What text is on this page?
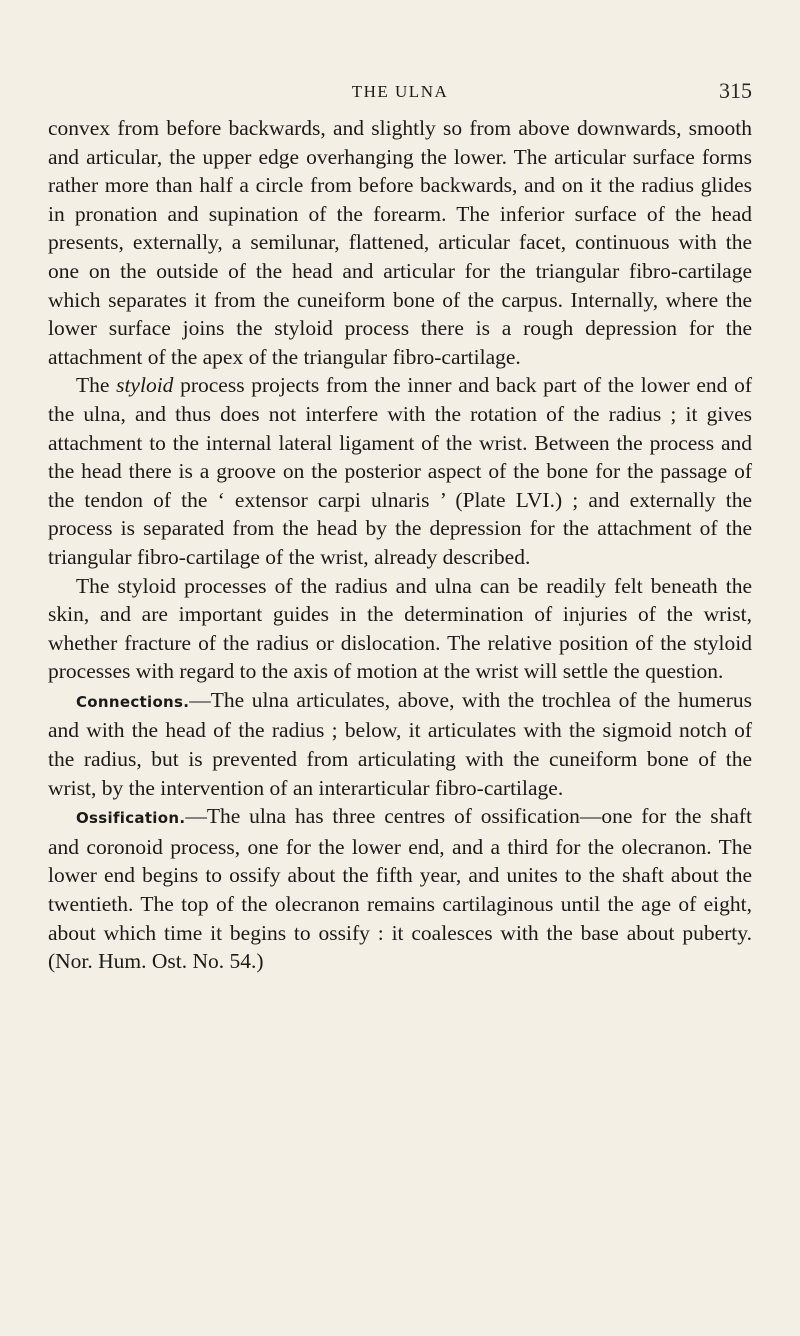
THE ULNA	315

convex from before backwards, and slightly so from above downwards, smooth and articular, the upper edge overhanging the lower. The articular surface forms rather more than half a circle from before backwards, and on it the radius glides in pronation and supination of the forearm. The inferior surface of the head presents, externally, a semilunar, flattened, articular facet, continuous with the one on the outside of the head and articular for the triangular fibro-cartilage which separates it from the cuneiform bone of the carpus. Internally, where the lower surface joins the styloid process there is a rough depression for the attachment of the apex of the triangular fibro-cartilage.

The styloid process projects from the inner and back part of the lower end of the ulna, and thus does not interfere with the rotation of the radius ; it gives attachment to the internal lateral ligament of the wrist. Between the process and the head there is a groove on the posterior aspect of the bone for the passage of the tendon of the ‘ extensor carpi ulnaris ’ (Plate LVI.) ; and externally the process is separated from the head by the depression for the attachment of the triangular fibro-cartilage of the wrist, already described.

The styloid processes of the radius and ulna can be readily felt beneath the skin, and are important guides in the determination of injuries of the wrist, whether fracture of the radius or dislocation. The relative position of the styloid processes with regard to the axis of motion at the wrist will settle the question.

Connections.—The ulna articulates, above, with the trochlea of the humerus and with the head of the radius ; below, it articulates with the sigmoid notch of the radius, but is prevented from articulating with the cuneiform bone of the wrist, by the intervention of an interarticular fibro-cartilage.

Ossification.—The ulna has three centres of ossification—one for the shaft and coronoid process, one for the lower end, and a third for the olecranon. The lower end begins to ossify about the fifth year, and unites to the shaft about the twentieth. The top of the olecranon remains cartilaginous until the age of eight, about which time it begins to ossify : it coalesces with the base about puberty. (Nor. Hum. Ost. No. 54.)
